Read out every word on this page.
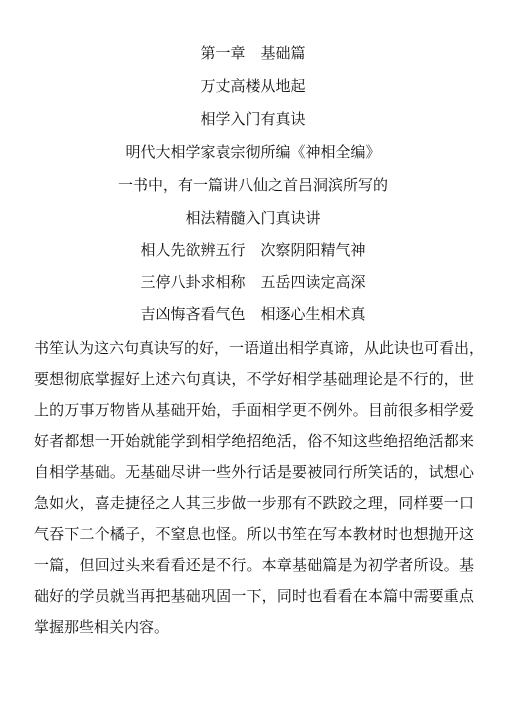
第一章　基础篇
万丈高楼从地起
相学入门有真诀
明代大相学家袁宗彻所编《神相全编》
一书中，有一篇讲八仙之首吕洞滨所写的
相法精髓入门真诀讲
相人先欲辨五行　次察阴阳精气神
三停八卦求相称　五岳四读定高深
吉凶悔吝看气色　相逐心生相术真
书笙认为这六句真诀写的好，一语道出相学真谛，从此诀也可看出，
要想彻底掌握好上述六句真诀，不学好相学基础理论是不行的，世
上的万事万物皆从基础开始，手面相学更不例外。目前很多相学爱
好者都想一开始就能学到相学绝招绝活，俗不知这些绝招绝活都来
自相学基础。无基础尽讲一些外行话是要被同行所笑话的，试想心
急如火，喜走捷径之人其三步做一步那有不跌跤之理，同样要一口
气吞下二个橘子，不窒息也怪。所以书笙在写本教材时也想抛开这
一篇，但回过头来看看还是不行。本章基础篇是为初学者所设。基
础好的学员就当再把基础巩固一下，同时也看看在本篇中需要重点
掌握那些相关内容。
